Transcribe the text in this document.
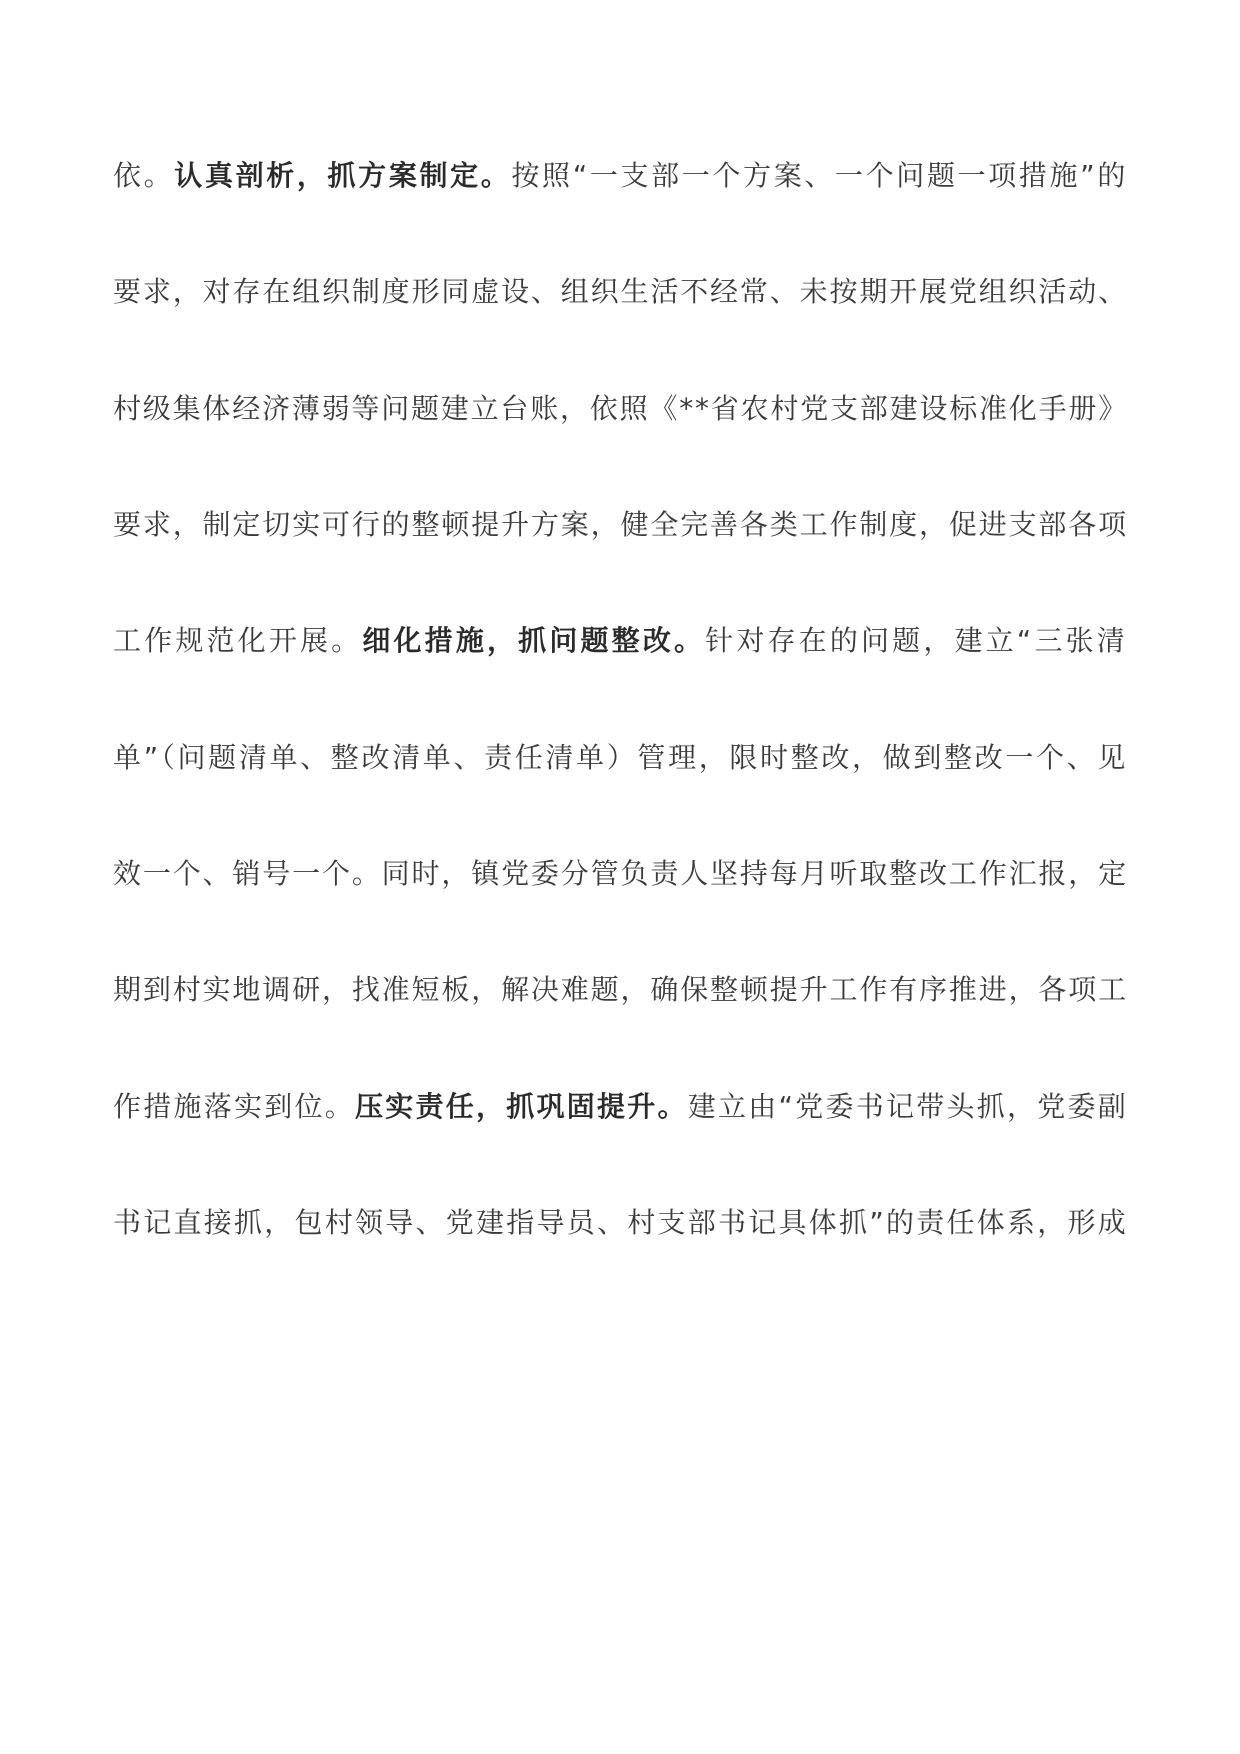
依。 认真剖析，抓方案制定。 按照“一支部一个方案、一个问题一项措施”的
要求，对存在组织制度形同虚设、组织生活不经常、未按期开展党组织活动、
村级集体经济薄弱等问题建立台账，依照《**省农村党支部建设标准化手册》
要求，制定切实可行的整顿提升方案，健全完善各类工作制度，促进支部各项
工作规范化开展。 细化措施，抓问题整改。 针对存在的问题，建立“三张清
单”（问题清单、整改清单、责任清单）管理，限时整改，做到整改一个、见
效一个、销号一个。同时，镇党委分管负责人坚持每月听取整改工作汇报，定
期到村实地调研，找准短板，解决难题，确保整顿提升工作有序推进，各项工
作措施落实到位。 压实责任，抓巩固提升。 建立由“党委书记带头抓，党委副
书记直接抓，包村领导、党建指导员、村支部书记具体抓”的责任体系，形成
